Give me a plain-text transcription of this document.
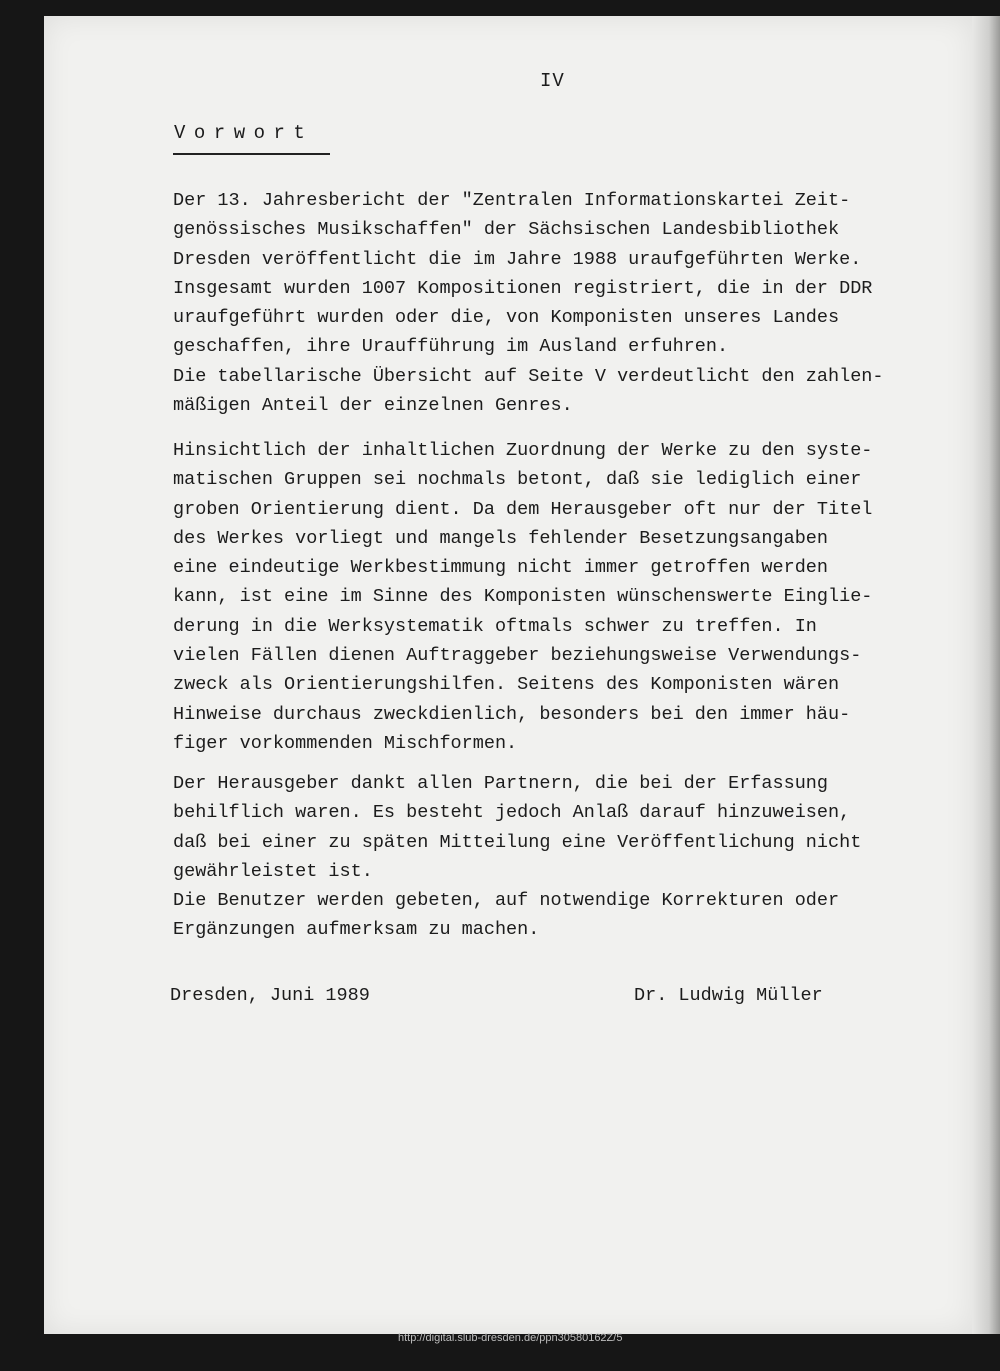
IV
Vorwort
Der 13. Jahresbericht der "Zentralen Informationskartei Zeit-
genössisches Musikschaffen" der Sächsischen Landesbibliothek
Dresden veröffentlicht die im Jahre 1988 uraufgeführten Werke.
Insgesamt wurden 1007 Kompositionen registriert, die in der DDR
uraufgeführt wurden oder die, von Komponisten unseres Landes
geschaffen, ihre Uraufführung im Ausland erfuhren.
Die tabellarische Übersicht auf Seite V verdeutlicht den zahlen-
mäßigen Anteil der einzelnen Genres.
Hinsichtlich der inhaltlichen Zuordnung der Werke zu den syste-
matischen Gruppen sei nochmals betont, daß sie lediglich einer
groben Orientierung dient. Da dem Herausgeber oft nur der Titel
des Werkes vorliegt und mangels fehlender Besetzungsangaben
eine eindeutige Werkbestimmung nicht immer getroffen werden
kann, ist eine im Sinne des Komponisten wünschenswerte Einglie-
derung in die Werksystematik oftmals schwer zu treffen. In
vielen Fällen dienen Auftraggeber beziehungsweise Verwendungs-
zweck als Orientierungshilfen. Seitens des Komponisten wären
Hinweise durchaus zweckdienlich, besonders bei den immer häu-
figer vorkommenden Mischformen.
Der Herausgeber dankt allen Partnern, die bei der Erfassung
behilflich waren. Es besteht jedoch Anlaß darauf hinzuweisen,
daß bei einer zu späten Mitteilung eine Veröffentlichung nicht
gewährleistet ist.
Die Benutzer werden gebeten, auf notwendige Korrekturen oder
Ergänzungen aufmerksam zu machen.
Dresden, Juni 1989	Dr. Ludwig Müller
http://digital.slub-dresden.de/ppn30580162Z/5
